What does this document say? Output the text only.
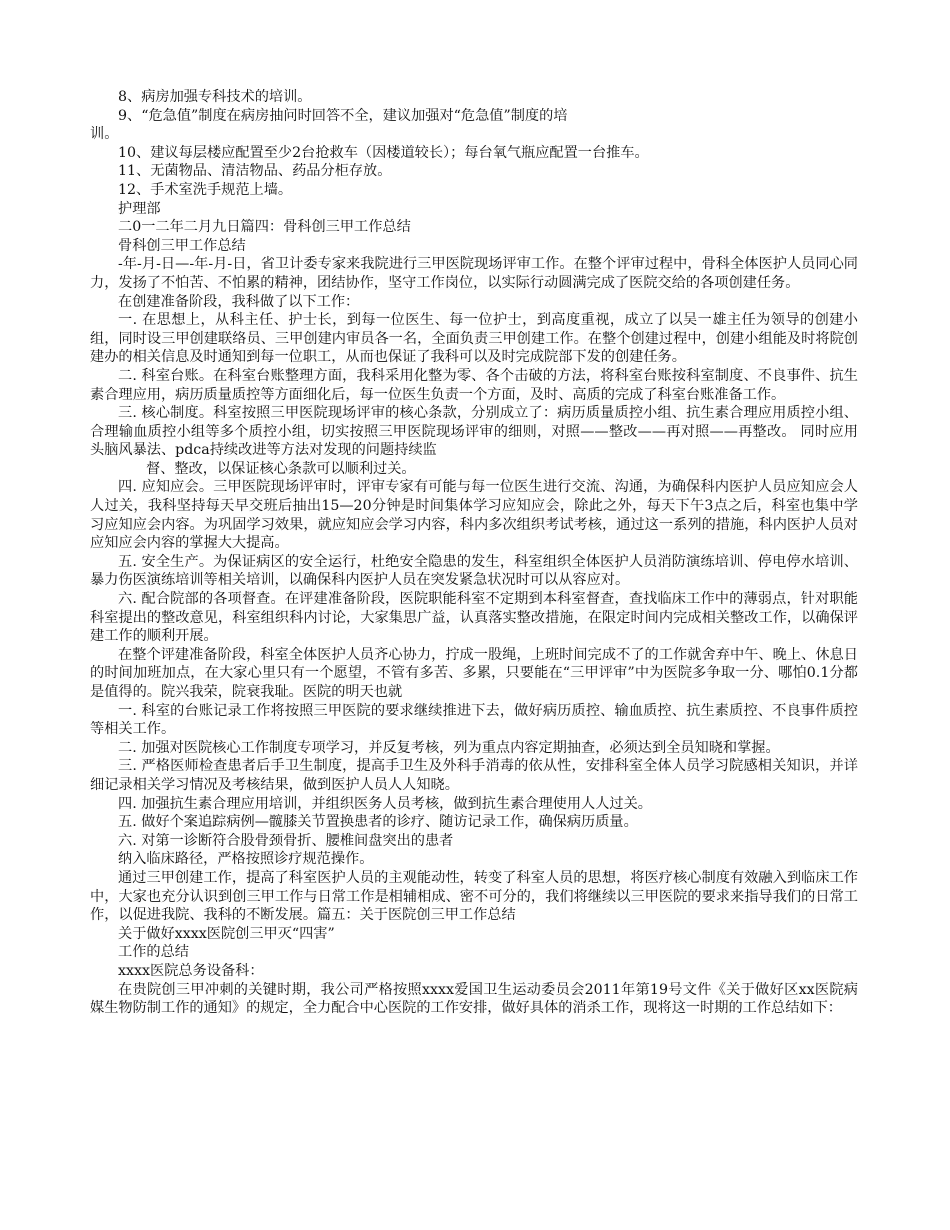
8、病房加强专科技术的培训。

9、“危急值”制度在病房抽问时回答不全，建议加强对“危急值”制度的培

训。

10、建议每层楼应配置至少2台抢救车（因楼道较长）；每台氧气瓶应配置一台推车。

11、无菌物品、清洁物品、药品分柜存放。

12、手术室洗手规范上墙。

护理部

二0一二年二月九日篇四：骨科创三甲工作总结

骨科创三甲工作总结

-年-月-日—-年-月-日，省卫计委专家来我院进行三甲医院现场评审工作。在整个评审过程中，骨科全体医护人员同心同力，发扬了不怕苦、不怕累的精神，团结协作，坚守工作岗位，以实际行动圆满完成了医院交给的各项创建任务。

在创建准备阶段，我科做了以下工作：

一. 在思想上，从科主任、护士长，到每一位医生、每一位护士，到高度重视，成立了以吴一雄主任为领导的创建小组，同时设三甲创建联络员、三甲创建内审员各一名，全面负责三甲创建工作。在整个创建过程中，创建小组能及时将院创建办的相关信息及时通知到每一位职工，从而也保证了我科可以及时完成院部下发的创建任务。

二. 科室台账。在科室台账整理方面，我科采用化整为零、各个击破的方法，将科室台账按科室制度、不良事件、抗生素合理应用，病历质量质控等方面细化后，每一位医生负责一个方面，及时、高质的完成了科室台账准备工作。

三. 核心制度。科室按照三甲医院现场评审的核心条款，分别成立了：病历质量质控小组、抗生素合理应用质控小组、合理输血质控小组等多个质控小组，切实按照三甲医院现场评审的细则，对照——整改——再对照——再整改。 同时应用头脑风暴法、pdca持续改进等方法对发现的问题持续监

督、整改，以保证核心条款可以顺利过关。

四. 应知应会。三甲医院现场评审时，评审专家有可能与每一位医生进行交流、沟通，为确保科内医护人员应知应会人人过关，我科坚持每天早交班后抽出15—20分钟是时间集体学习应知应会，除此之外，每天下午3点之后，科室也集中学习应知应会内容。为巩固学习效果，就应知应会学习内容，科内多次组织考试考核，通过这一系列的措施，科内医护人员对应知应会内容的掌握大大提高。

五. 安全生产。为保证病区的安全运行，杜绝安全隐患的发生，科室组织全体医护人员消防演练培训、停电停水培训、暴力伤医演练培训等相关培训，以确保科内医护人员在突发紧急状况时可以从容应对。

六. 配合院部的各项督查。在评建准备阶段，医院职能科室不定期到本科室督查，查找临床工作中的薄弱点，针对职能科室提出的整改意见，科室组织科内讨论，大家集思广益，认真落实整改措施，在限定时间内完成相关整改工作，以确保评建工作的顺利开展。

在整个评建准备阶段，科室全体医护人员齐心协力，拧成一股绳，上班时间完成不了的工作就舍弃中午、晚上、休息日的时间加班加点，在大家心里只有一个愿望，不管有多苦、多累，只要能在“三甲评审”中为医院多争取一分、哪怕0.1分都是值得的。院兴我荣，院衰我耻。医院的明天也就

一. 科室的台账记录工作将按照三甲医院的要求继续推进下去，做好病历质控、输血质控、抗生素质控、不良事件质控等相关工作。

二. 加强对医院核心工作制度专项学习，并反复考核，列为重点内容定期抽查，必须达到全员知晓和掌握。

三. 严格医师检查患者后手卫生制度，提高手卫生及外科手消毒的依从性，安排科室全体人员学习院感相关知识，并详细记录相关学习情况及考核结果，做到医护人员人人知晓。

四. 加强抗生素合理应用培训，并组织医务人员考核，做到抗生素合理使用人人过关。

五. 做好个案追踪病例—髋膝关节置换患者的诊疗、随访记录工作，确保病历质量。

六. 对第一诊断符合股骨颈骨折、腰椎间盘突出的患者

纳入临床路径，严格按照诊疗规范操作。

通过三甲创建工作，提高了科室医护人员的主观能动性，转变了科室人员的思想，将医疗核心制度有效融入到临床工作中，大家也充分认识到创三甲工作与日常工作是相辅相成、密不可分的，我们将继续以三甲医院的要求来指导我们的日常工作，以促进我院、我科的不断发展。篇五：关于医院创三甲工作总结

关于做好xxxx医院创三甲灭“四害”

工作的总结

xxxx医院总务设备科：

在贵院创三甲冲刺的关键时期，我公司严格按照xxxx爱国卫生运动委员会2011年第19号文件《关于做好区xx医院病媒生物防制工作的通知》的规定，全力配合中心医院的工作安排，做好具体的消杀工作，现将这一时期的工作总结如下：
